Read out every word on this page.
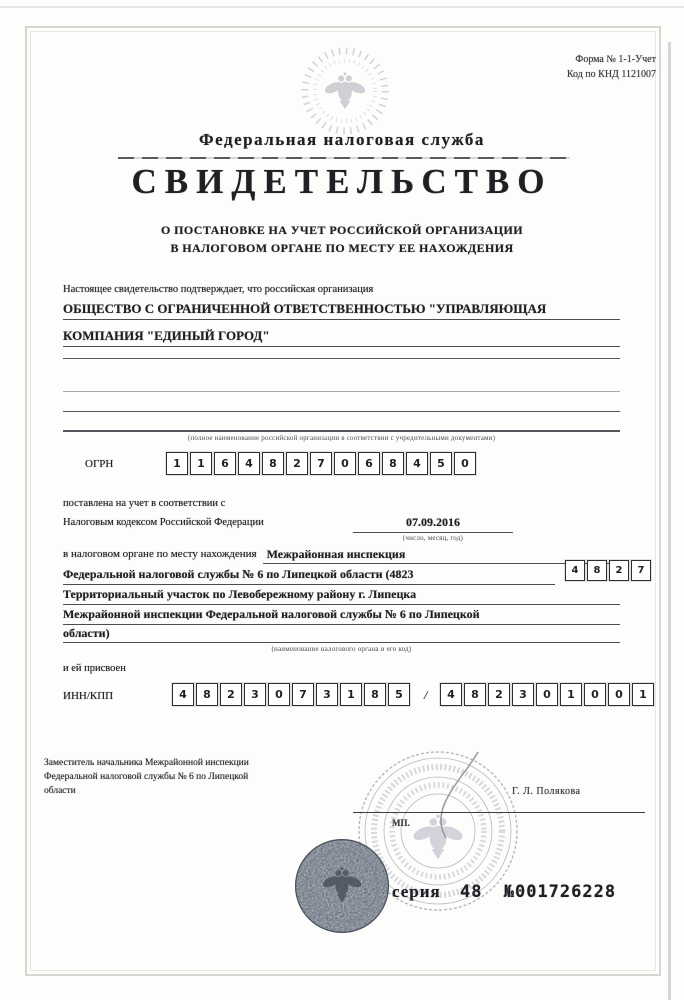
Форма № 1-1-Учет
Код по КНД 1121007
Федеральная налоговая служба
СВИДЕТЕЛЬСТВО
О ПОСТАНОВКЕ НА УЧЕТ РОССИЙСКОЙ ОРГАНИЗАЦИИ
В НАЛОГОВОМ ОРГАНЕ ПО МЕСТУ ЕЕ НАХОЖДЕНИЯ
Настоящее свидетельство подтверждает, что российская организация
ОБЩЕСТВО С ОГРАНИЧЕННОЙ ОТВЕТСТВЕННОСТЬЮ "УПРАВЛЯЮЩАЯ
КОМПАНИЯ "ЕДИНЫЙ ГОРОД"
(полное наименование российской организации в соответствии с учредительными документами)
ОГРН	1	1	6	4	8	2	7	0	6	8	4	5	0
поставлена на учет в соответствии с
Налоговым кодексом Российской Федерации	07.09.2016
(число, месяц, год)
в налоговом органе по месту нахождения Межрайонная инспекция
Федеральной налоговой службы № 6 по Липецкой области (4823	4	8	2	7
Территориальный участок по Левобережному району г. Липецка
Межрайонной инспекции Федеральной налоговой службы № 6 по Липецкой
области)
(наименование налогового органа и его код)
и ей присвоен
ИНН/КПП	4	8	2	3	0	7	3	1	8	5	/	4	8	2	3	0	1	0	0	1
Заместитель начальника Межрайонной инспекции
Федеральной налоговой службы № 6 по Липецкой
области	Г. Л. Полякова
МП.
серия 48 №001726228
